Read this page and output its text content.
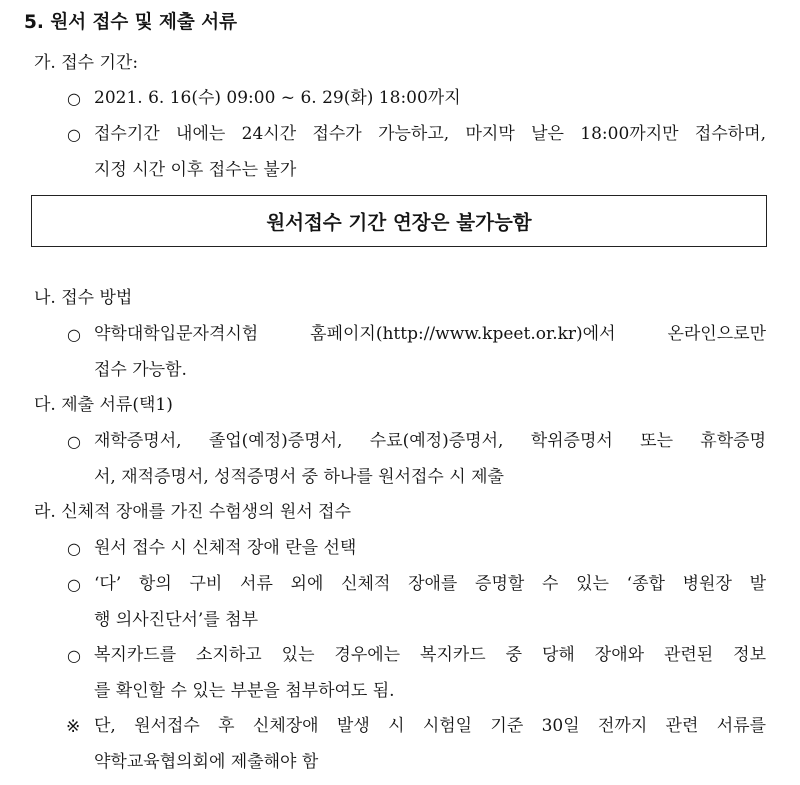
5. 원서 접수 및 제출 서류
가. 접수 기간:
○ 2021. 6. 16(수) 09:00 ~ 6. 29(화) 18:00까지
○ 접수기간 내에는 24시간 접수가 가능하고, 마지막 날은 18:00까지만 접수하며,
지정 시간 이후 접수는 불가
원서접수 기간 연장은 불가능함
나. 접수 방법
○ 약학대학입문자격시험 홈페이지(http://www.kpeet.or.kr)에서 온라인으로만
접수 가능함.
다. 제출 서류(택1)
○ 재학증명서, 졸업(예정)증명서, 수료(예정)증명서, 학위증명서 또는 휴학증명
서, 재적증명서, 성적증명서 중 하나를 원서접수 시 제출
라. 신체적 장애를 가진 수험생의 원서 접수
○ 원서 접수 시 신체적 장애 란을 선택
○ ‘다’ 항의 구비 서류 외에 신체적 장애를 증명할 수 있는 ‘종합 병원장 발
행 의사진단서’를 첨부
○ 복지카드를 소지하고 있는 경우에는 복지카드 중 당해 장애와 관련된 정보
를 확인할 수 있는 부분을 첨부하여도 됨.
※ 단, 원서접수 후 신체장애 발생 시 시험일 기준 30일 전까지 관련 서류를
약학교육협의회에 제출해야 함
